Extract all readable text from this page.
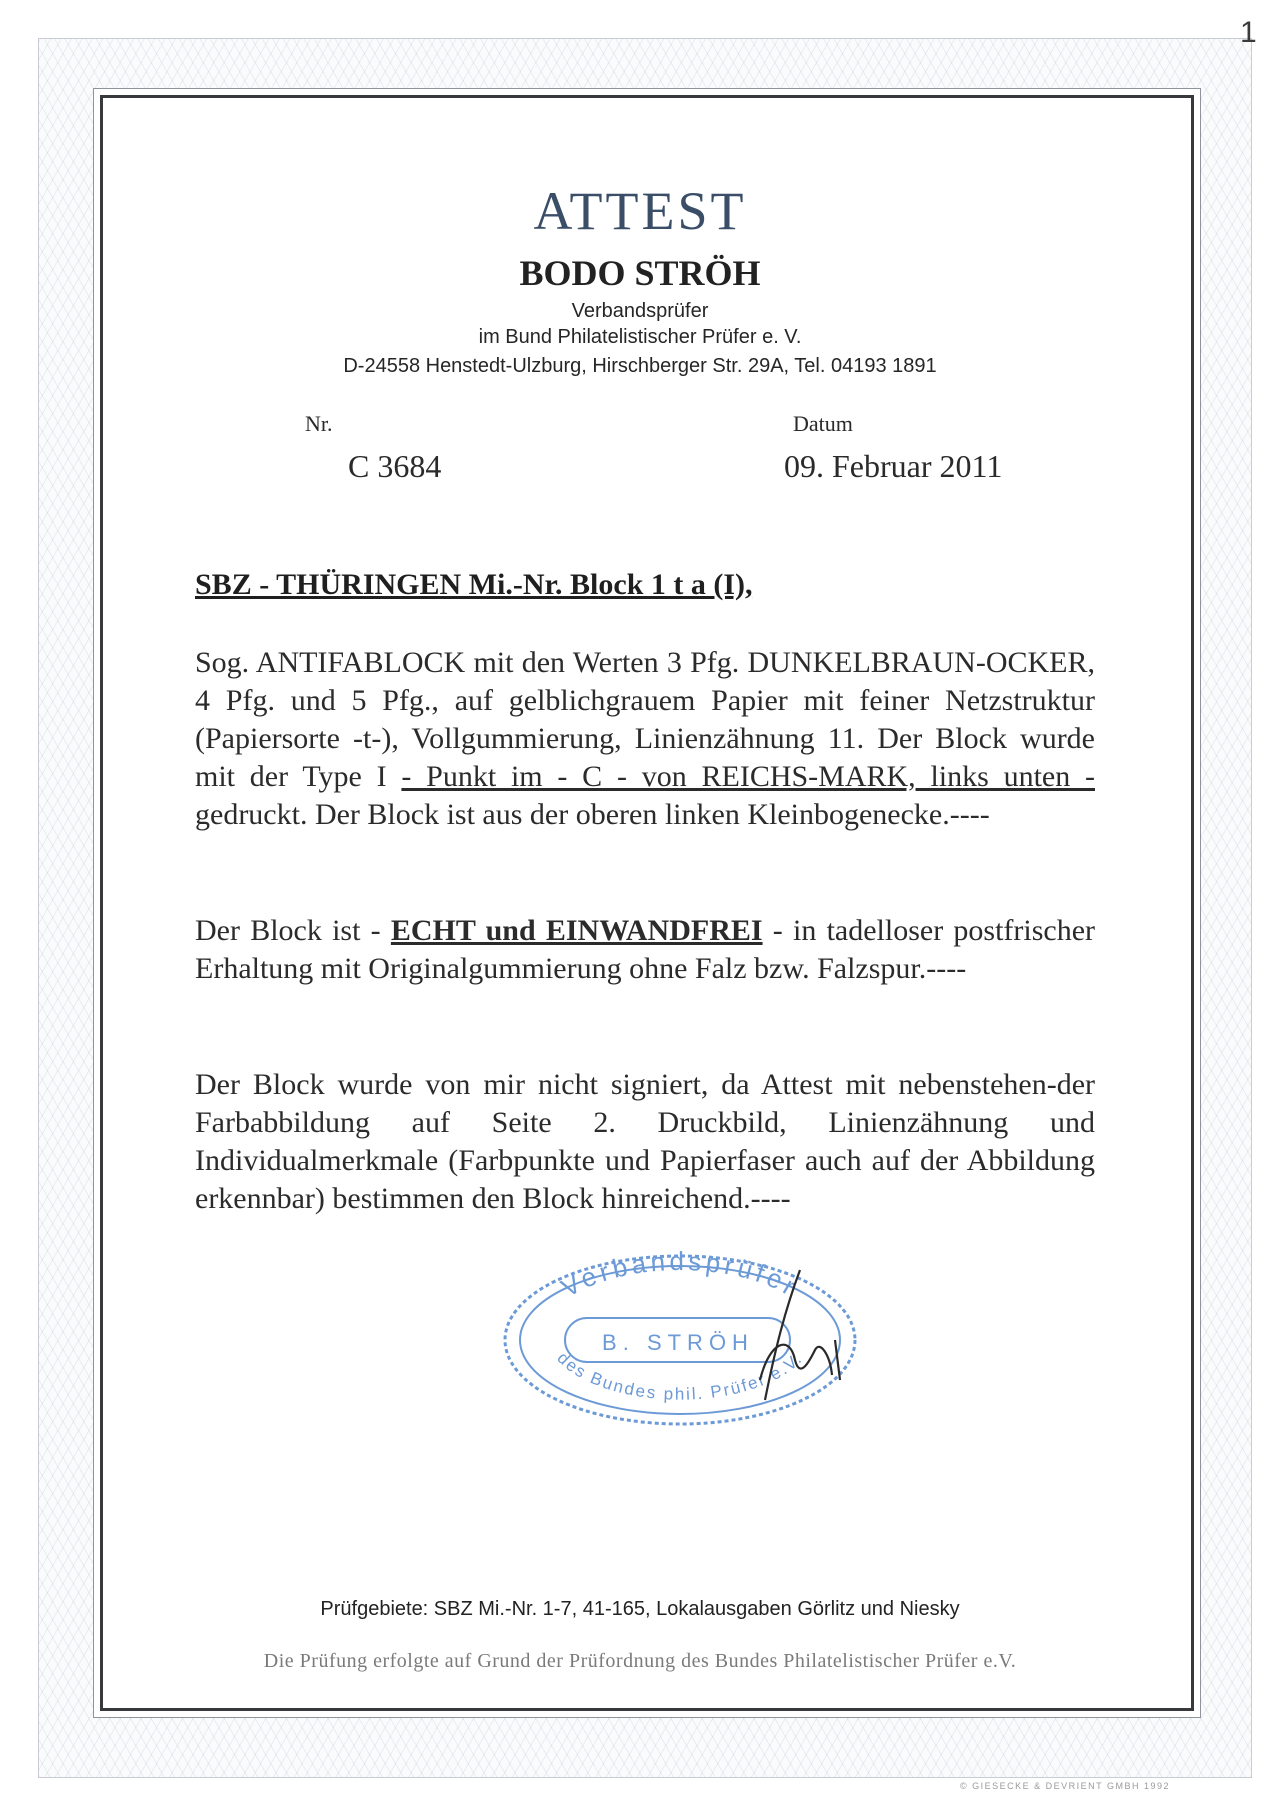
1
ATTEST
BODO STRÖH
Verbandsprüfer
im Bund Philatelistischer Prüfer e. V.
D-24558 Henstedt-Ulzburg, Hirschberger Str. 29A, Tel. 04193 1891
Nr.
C 3684
Datum
09. Februar 2011
SBZ - THÜRINGEN Mi.-Nr. Block 1 t a (I),
Sog. ANTIFABLOCK mit den Werten 3 Pfg. DUNKELBRAUN-OCKER, 4 Pfg. und 5 Pfg., auf gelblichgrauem Papier mit feiner Netzstruktur (Papiersorte -t-), Vollgummierung, Linienzähnung 11. Der Block wurde mit der Type I - Punkt im - C - von REICHS-MARK, links unten - gedruckt. Der Block ist aus der oberen linken Kleinbogenecke.----
Der Block ist - ECHT und EINWANDFREI - in tadelloser postfrischer Erhaltung mit Originalgummierung ohne Falz bzw. Falzspur.----
Der Block wurde von mir nicht signiert, da Attest mit nebenstehen-der Farbabbildung auf Seite 2. Druckbild, Linienzähnung und Individualmerkmale (Farbpunkte und Papierfaser auch auf der Abbildung erkennbar) bestimmen den Block hinreichend.----
Verbandsprüfer
B. STRÖH
des Bundes phil. Prüfer e.V.
Prüfgebiete: SBZ Mi.-Nr. 1-7, 41-165, Lokalausgaben Görlitz und Niesky
Die Prüfung erfolgte auf Grund der Prüfordnung des Bundes Philatelistischer Prüfer e.V.
© GIESECKE & DEVRIENT GMBH 1992
